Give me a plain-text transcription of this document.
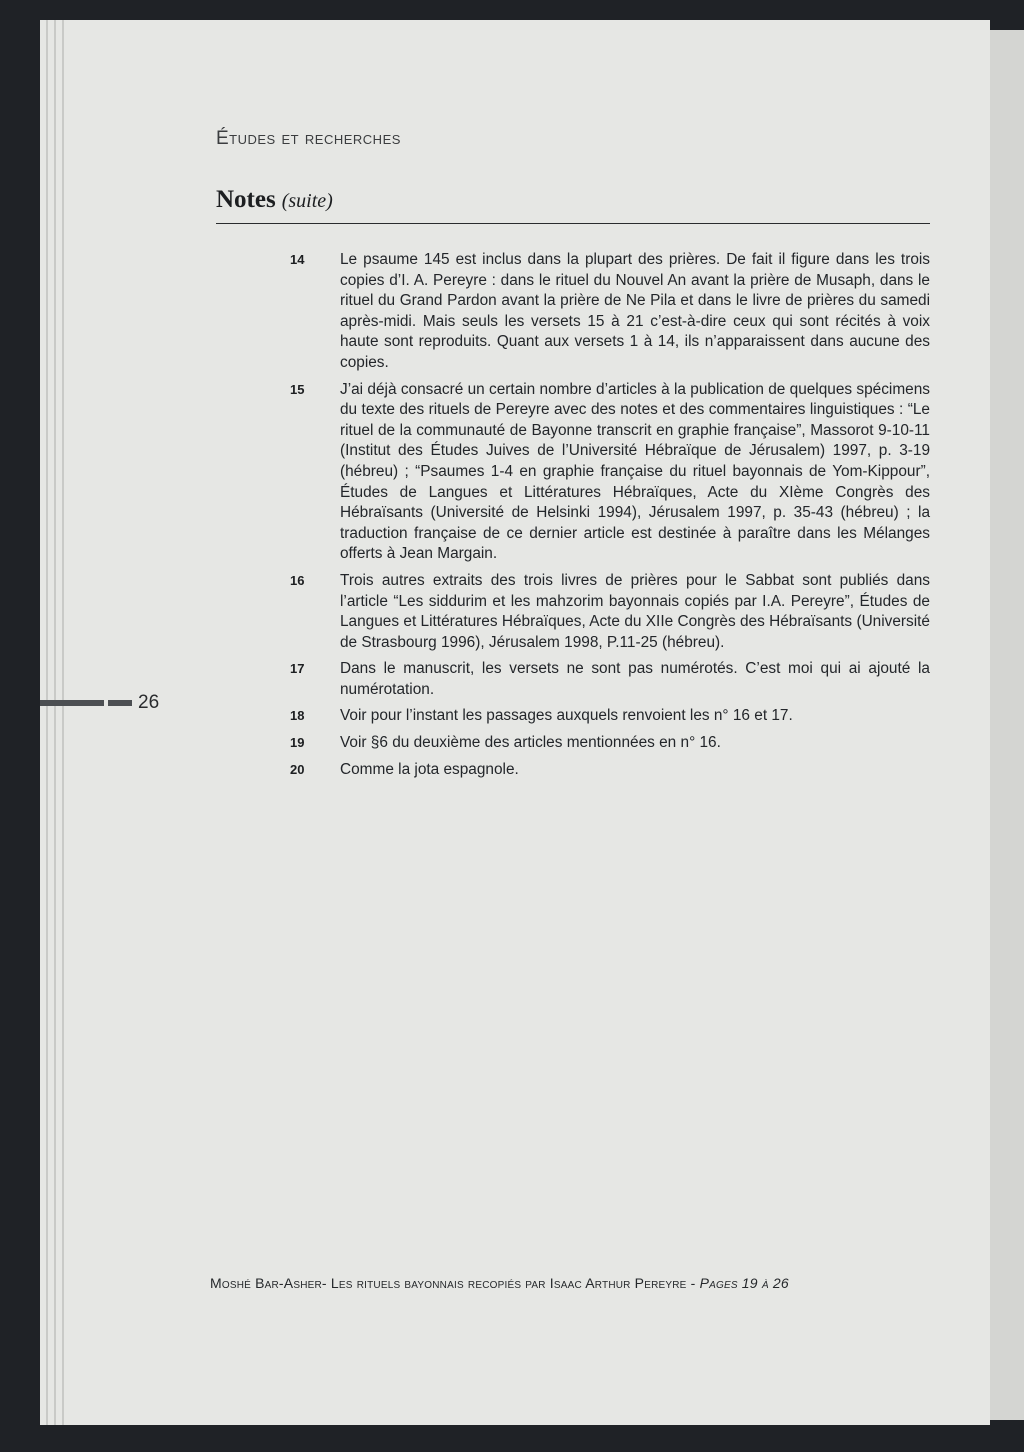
Études et recherches
Notes (suite)
14	Le psaume 145 est inclus dans la plupart des prières. De fait il figure dans les trois copies d’I. A. Pereyre : dans le rituel du Nouvel An avant la prière de Musaph, dans le rituel du Grand Pardon avant la prière de Ne Pila et dans le livre de prières du samedi après-midi. Mais seuls les versets 15 à 21 c’est-à-dire ceux qui sont récités à voix haute sont reproduits. Quant aux versets 1 à 14, ils n’apparaissent dans aucune des copies.
15	J’ai déjà consacré un certain nombre d’articles à la publication de quelques spécimens du texte des rituels de Pereyre avec des notes et des commentaires linguistiques : “Le rituel de la communauté de Bayonne transcrit en graphie française”, Massorot 9-10-11 (Institut des Études Juives de l’Université Hébraïque de Jérusalem) 1997, p. 3-19 (hébreu) ; “Psaumes 1-4 en graphie française du rituel bayonnais de Yom-Kippour”, Études de Langues et Littératures Hébraïques, Acte du XIème Congrès des Hébraïsants (Université de Helsinki 1994), Jérusalem 1997, p. 35-43 (hébreu) ; la traduction française de ce dernier article est destinée à paraître dans les Mélanges offerts à Jean Margain.
16	Trois autres extraits des trois livres de prières pour le Sabbat sont publiés dans l’article “Les siddurim et les mahzorim bayonnais copiés par I.A. Pereyre”, Études de Langues et Littératures Hébraïques, Acte du XIIe Congrès des Hébraïsants (Université de Strasbourg 1996), Jérusalem 1998, P.11-25 (hébreu).
17	Dans le manuscrit, les versets ne sont pas numérotés. C’est moi qui ai ajouté la numérotation.
18	Voir pour l’instant les passages auxquels renvoient les n° 16 et 17.
19	Voir §6 du deuxième des articles mentionnées en n° 16.
20	Comme la jota espagnole.
26
Moshé Bar-Asher- Les rituels bayonnais recopiés par Isaac Arthur Pereyre - Pages 19 à 26
